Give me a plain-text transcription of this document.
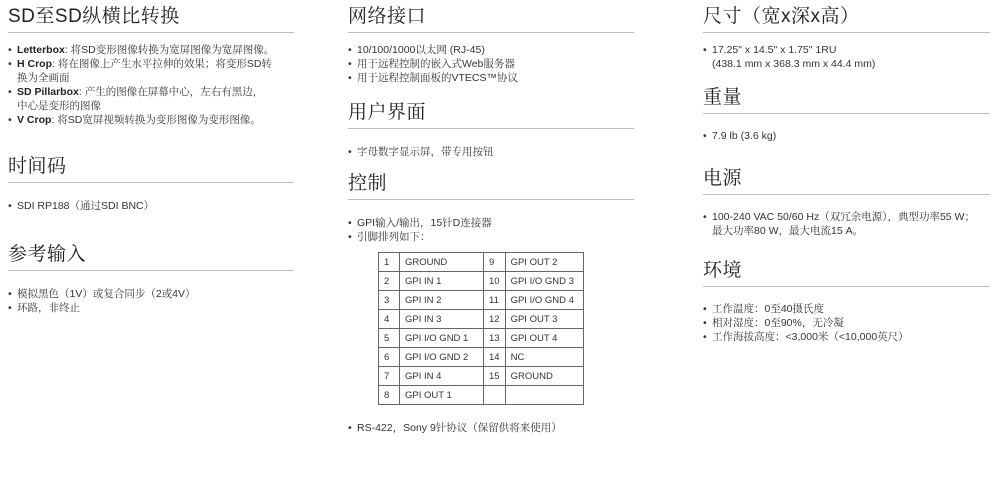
SD至SD纵横比转换
• Letterbox: 将SD变形图像转换为宽屏图像为宽屏图像。
• H Crop: 将在图像上产生水平拉伸的效果；将变形SD转
换为全画面
• SD Pillarbox: 产生的图像在屏幕中心，左右有黑边，
中心是变形的图像
• V Crop: 将SD宽屏视频转换为变形图像为变形图像。
时间码
• SDI RP188（通过SDI BNC）
参考输入
• 模拟黑色（1V）或复合同步（2或4V）
• 环路，非终止
网络接口
• 10/100/1000以太网 (RJ-45)
• 用于远程控制的嵌入式Web服务器
• 用于远程控制面板的VTECS™协议
用户界面
• 字母数字显示屏，带专用按钮
控制
• GPI输入/输出，15针D连接器
• 引脚排列如下：
1	GROUND	9	GPI OUT 2
2	GPI IN 1	10	GPI I/O GND 3
3	GPI IN 2	11	GPI I/O GND 4
4	GPI IN 3	12	GPI OUT 3
5	GPI I/O GND 1	13	GPI OUT 4
6	GPI I/O GND 2	14	NC
7	GPI IN 4	15	GROUND
8	GPI OUT 1		
• RS-422，Sony 9针协议（保留供将来使用）
尺寸（宽x深x高）
• 17.25" x 14.5" x 1.75" 1RU
(438.1 mm x 368.3 mm x 44.4 mm)
重量
• 7.9 lb (3.6 kg)
电源
• 100-240 VAC 50/60 Hz（双冗余电源），典型功率55 W；
最大功率80 W，最大电流15 A。
环境
• 工作温度：0至40摄氏度
• 相对湿度：0至90%，无冷凝
• 工作海拔高度：<3,000米（<10,000英尺）
